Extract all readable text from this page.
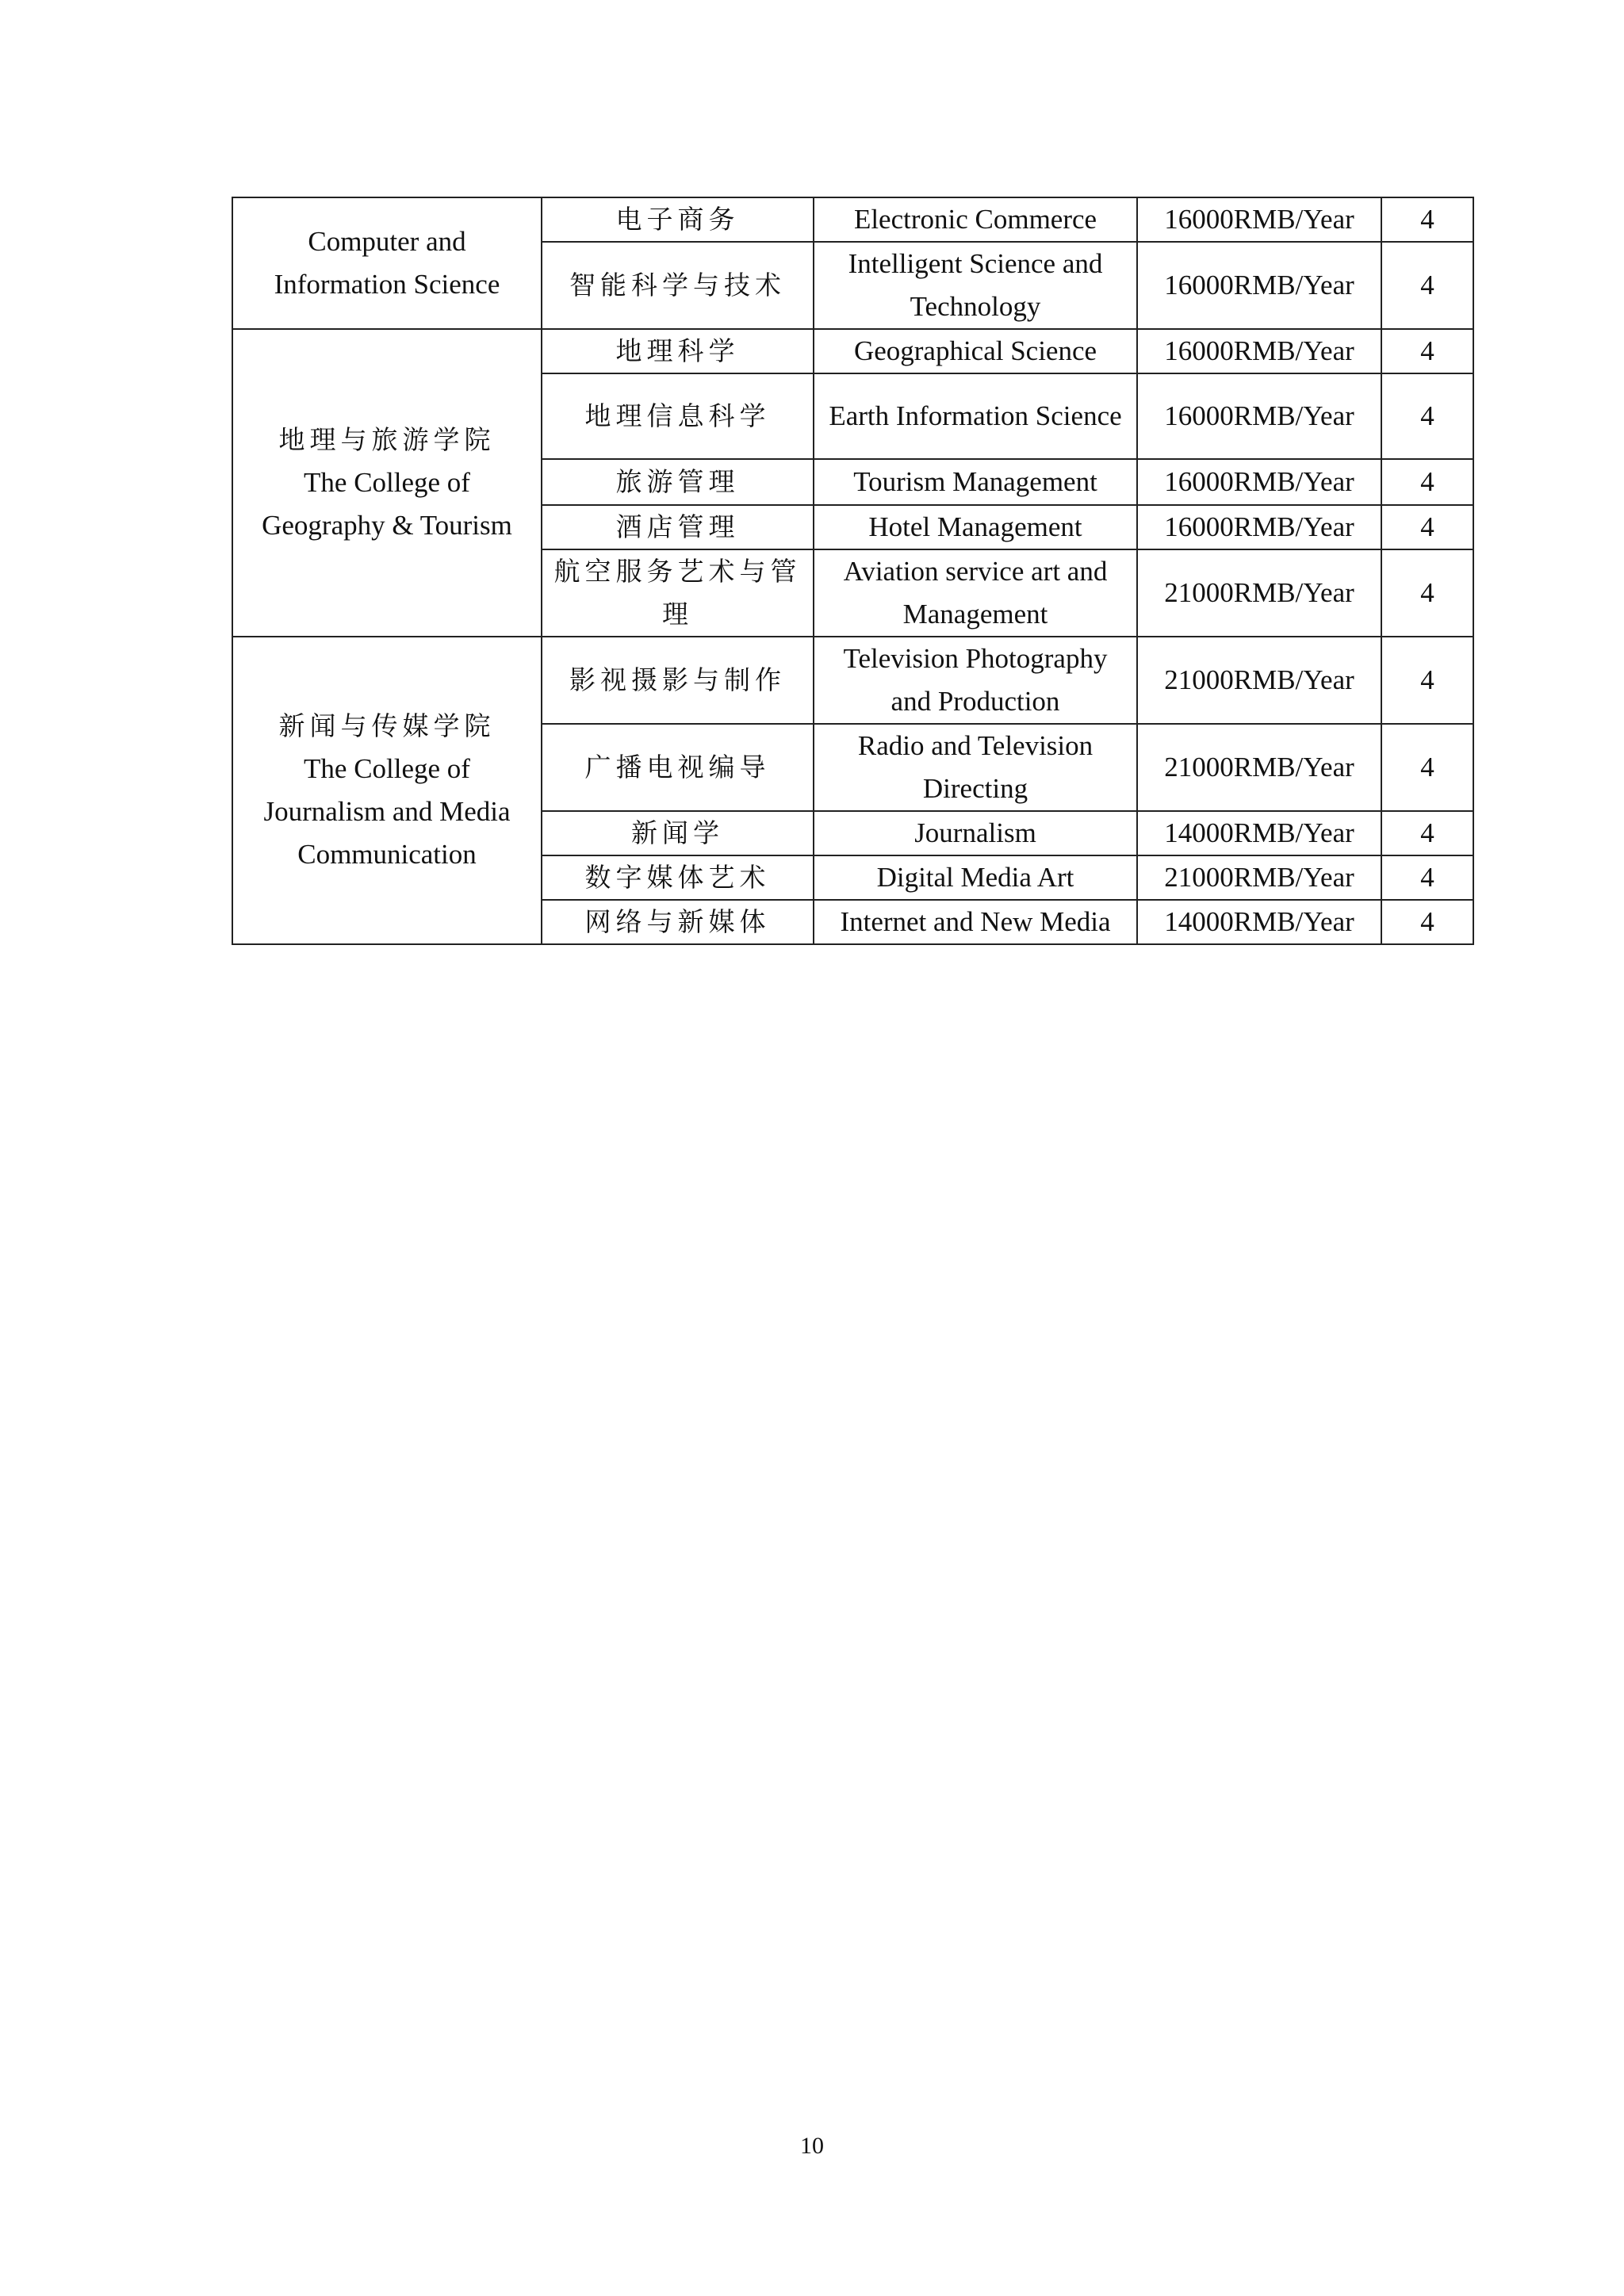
Computer and Information Science	电子商务	Electronic Commerce	16000RMB/Year	4
	智能科学与技术	Intelligent Science and Technology	16000RMB/Year	4

地理与旅游学院
The College of Geography & Tourism	地理科学	Geographical Science	16000RMB/Year	4
	地理信息科学	Earth Information Science	16000RMB/Year	4
	旅游管理	Tourism Management	16000RMB/Year	4
	酒店管理	Hotel Management	16000RMB/Year	4
	航空服务艺术与管理	Aviation service art and Management	21000RMB/Year	4

新闻与传媒学院
The College of Journalism and Media Communication	影视摄影与制作	Television Photography and Production	21000RMB/Year	4
	广播电视编导	Radio and Television Directing	21000RMB/Year	4
	新闻学	Journalism	14000RMB/Year	4
	数字媒体艺术	Digital Media Art	21000RMB/Year	4
	网络与新媒体	Internet and New Media	14000RMB/Year	4
10
